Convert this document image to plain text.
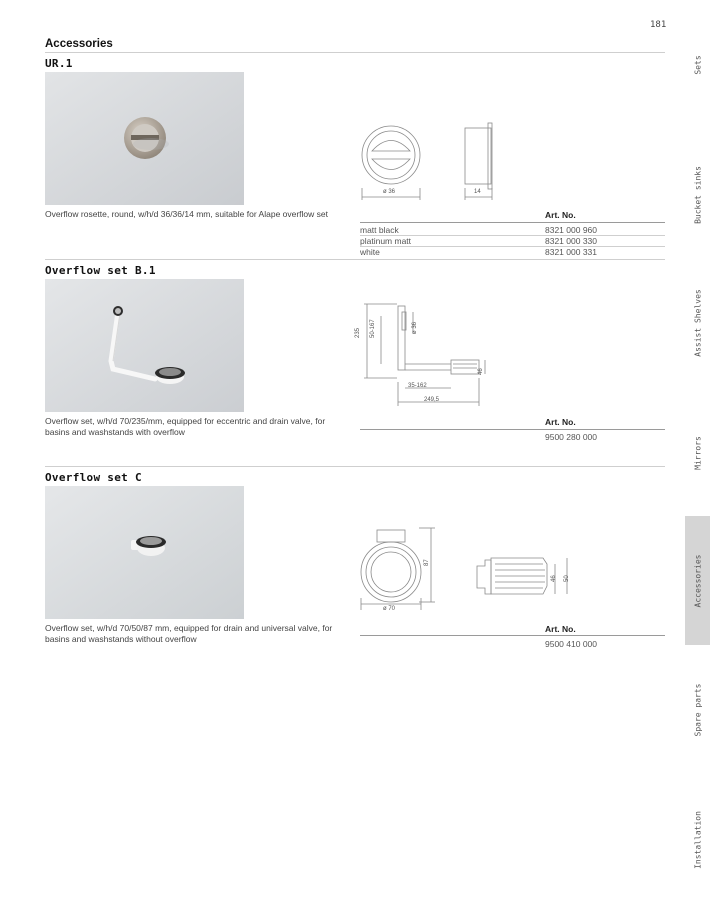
181
Accessories
UR.1
Overflow rosette, round, w/h/d 36/36/14 mm, suitable for Alape overflow set
ø 36	14
Art. No.
matt black	8321 000 960
platinum matt	8321 000 330
white	8321 000 331
Overflow set B.1
Overflow set, w/h/d 70/235/mm, equipped for eccentric and drain valve, for basins and washstands with overflow
235 50-167	ø 36
46
35-162
249,5
Art. No.
9500 280 000
Overflow set C
Overflow set, w/h/d 70/50/87 mm, equipped for drain and universal valve, for basins and washstands without overflow
ø 70
87
46 50
Art. No.
9500 410 000
Sets
Bucket sinks
Assist Shelves
Mirrors
Accessories
Spare parts
Installation
